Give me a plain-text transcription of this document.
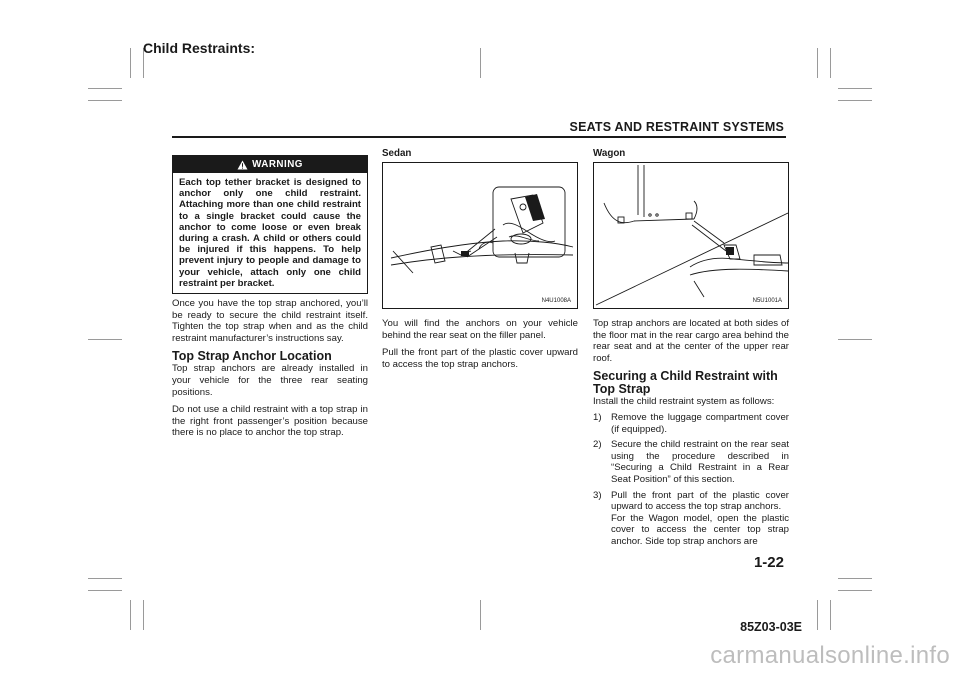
Child Restraints:
SEATS AND RESTRAINT SYSTEMS
WARNING
Each top tether bracket is designed to anchor only one child restraint. Attaching more than one child restraint to a single bracket could cause the anchor to come loose or even break during a crash. A child or others could be injured if this happens. To help prevent injury to people and damage to your vehicle, attach only one child restraint per bracket.

Once you have the top strap anchored, you’ll be ready to secure the child restraint itself. Tighten the top strap when and as the child restraint manufacturer’s instructions say.

Top Strap Anchor Location

Top strap anchors are already installed in your vehicle for the three rear seating positions.

Do not use a child restraint with a top strap in the right front passenger’s position because there is no place to anchor the top strap.

Sedan
N4U1008A

You will find the anchors on your vehicle behind the rear seat on the filler panel.

Pull the front part of the plastic cover upward to access the top strap anchors.

Wagon
N5U1001A

Top strap anchors are located at both sides of the floor mat in the rear cargo area behind the rear seat and at the center of the upper rear roof.

Securing a Child Restraint with Top Strap

Install the child restraint system as follows:

1) Remove the luggage compartment cover (if equipped).
2) Secure the child restraint on the rear seat using the procedure described in “Securing a Child Restraint in a Rear Seat Position” of this section.
3) Pull the front part of the plastic cover upward to access the top strap anchors.
For the Wagon model, open the plastic cover to access the center top strap anchor. Side top strap anchors are
1-22
85Z03-03E
carmanualsonline.info
